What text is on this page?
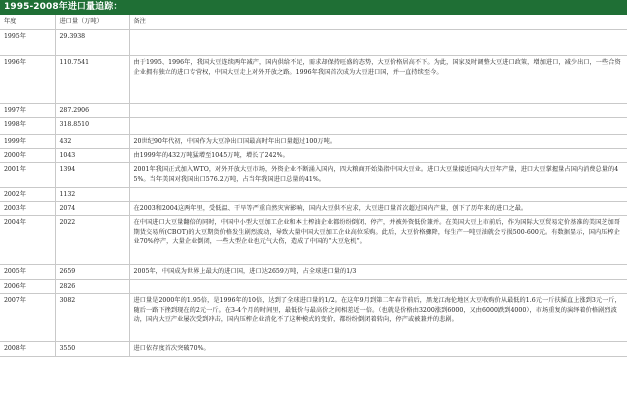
1995-2008年进口量追踪：
年度	进口量（万吨）	备注
1995年	29.3938	
1996年	110.7541	由于1995、1996年，我国大豆连续两年减产，国内供给不足，需求却保持旺盛的态势，大豆价格居高不下。为此，国家及时调整大豆进口政策，增加进口，减少出口，一些合资企业拥有独立的进口专营权，中国大豆走上对外开放之路。1996年我国首次成为大豆进口国，并一直持续至今。
1997年	287.2906	
1998年	318.8510	
1999年	432	20世纪90年代初，中国作为大豆净出口国最高时年出口量超过100万吨。
2000年	1043	由1999年的432万吨猛增至1045万吨，增长了242%。
2001年	1394	2001年我国正式加入WTO，对外开放大豆市场，外资企业不断涌入国内，四大粮商开始染指中国大豆业。进口大豆量接近国内大豆年产量，进口大豆掌握量占国内消费总量的45%。当年美国对我国出口576.2万吨，占当年我国进口总量的41%。
2002年	1132	
2003年	2074	在2003和2004这两年里，受低温、干旱等严重自然灾害影响，国内大豆供不应求，大豆进口量首次超过国内产量，创下了历年来的进口之最。
2004年	2022	在中国进口大豆量翻倍的同时，中国中小型大豆加工企业和本土榨油企业都纷纷倒闭、停产，并被外资低价兼并。在美国大豆上市前后，作为国际大豆贸易定价基准的美国芝加哥期货交易所(CBOT)的大豆期货价格发生剧烈波动，导致大量中国大豆加工企业高位采购。此后，大豆价格骤降，每生产一吨豆油就会亏损500-600元。有数据显示，国内压榨企业70%停产，大量企业倒闭，一些大型企业也元气大伤，造成了中国的“大豆危机”。
2005年	2659	2005年，中国成为世界上最大的进口国，进口达2659万吨，占全球进口量的1/3
2006年	2826	
2007年	3082	进口量是2000年的1.95倍，是1996年的10倍，达到了全球进口量的1/2。在这年9月到第二年春节前后，黑龙江海伦地区大豆收购价从最低的1.6元一斤扶摇直上涨到3元一斤，随后一路下挫到现在的2元一斤。在3-4个月的时间里，最低价与最高价之间相差近一倍。（也就是价格由3200涨到6000，又由6000跌到4000），市场重复的演绎着价格剧烈波动，国内大豆产业屡次受到冲击，国内压榨企业消化不了这种模式的变价，都纷纷倒闭着转向，停产或被兼并的悲剧。
2008年	3550	进口依存度首次突破70%。
